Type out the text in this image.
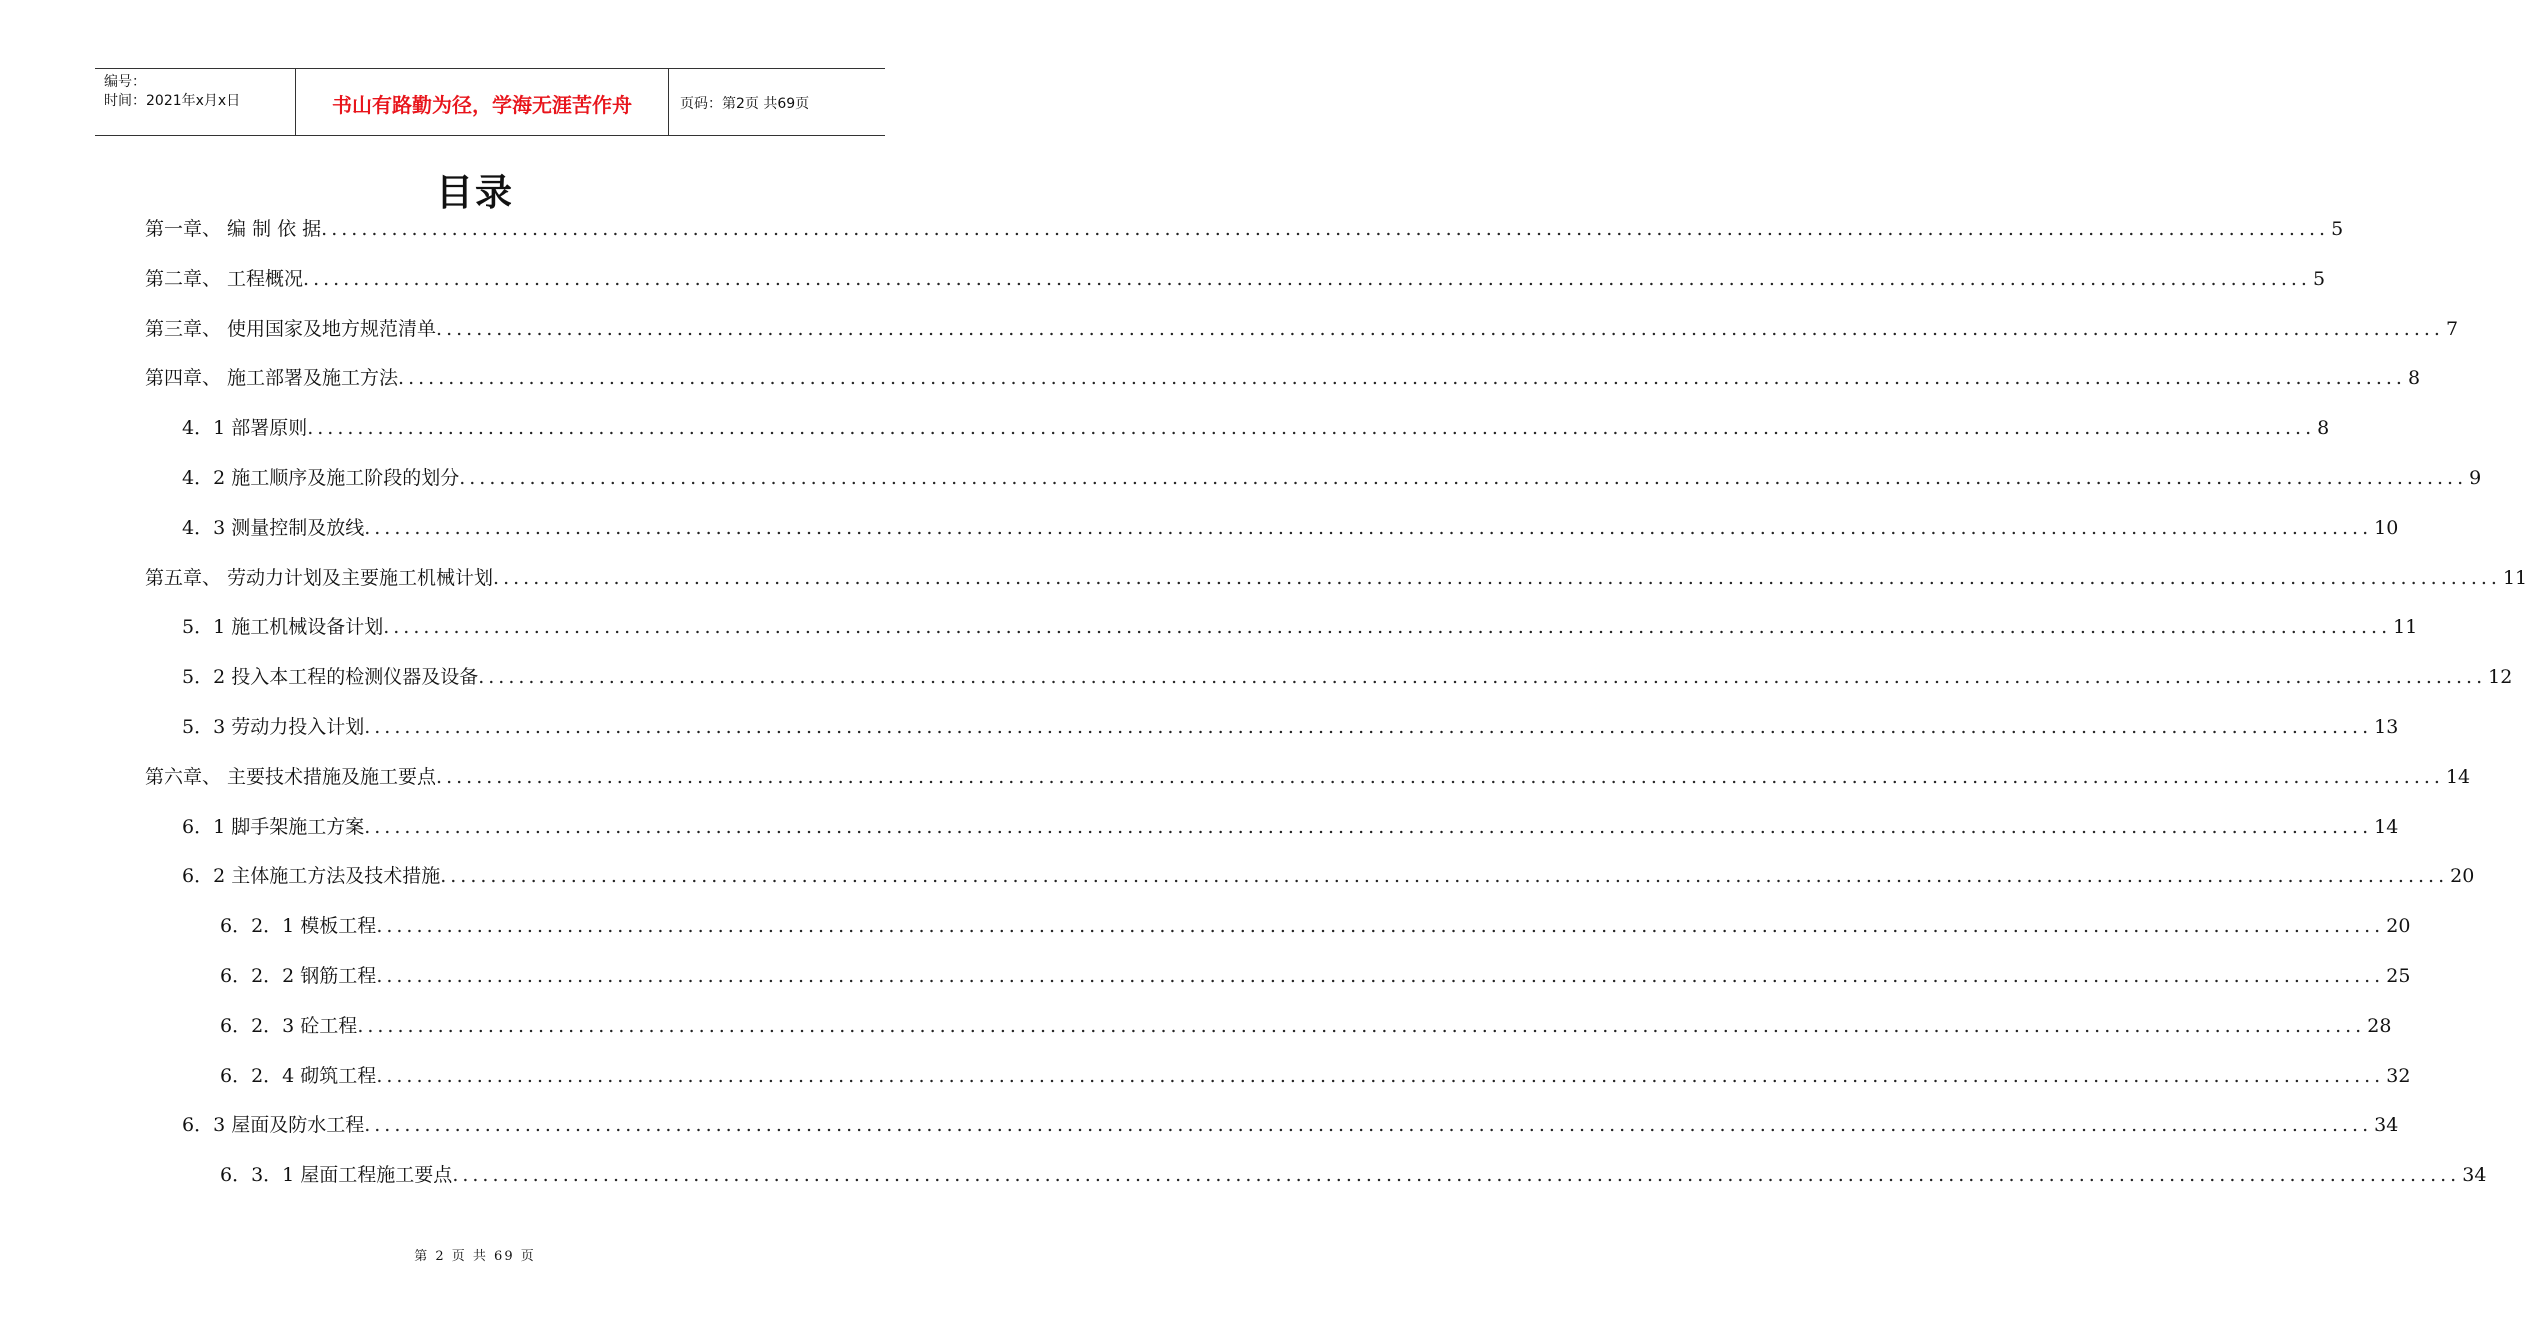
编号：
时间：2021年x月x日	书山有路勤为径，学海无涯苦作舟	页码：第2页 共69页
目录
第一章、 编 制 依 据 ........................................................................................................................................................................................................ 5
第二章、 工程概况 ........................................................................................................................................................................................................ 5
第三章、 使用国家及地方规范清单 ........................................................................................................................................................................................................ 7
第四章、 施工部署及施工方法 ........................................................................................................................................................................................................ 8
4．1 部署原则 ........................................................................................................................................................................................................ 8
4．2 施工顺序及施工阶段的划分 ........................................................................................................................................................................................................ 9
4．3 测量控制及放线 ........................................................................................................................................................................................................ 10
第五章、 劳动力计划及主要施工机械计划 ........................................................................................................................................................................................................ 11
5．1 施工机械设备计划 ........................................................................................................................................................................................................ 11
5．2 投入本工程的检测仪器及设备 ........................................................................................................................................................................................................ 12
5．3 劳动力投入计划 ........................................................................................................................................................................................................ 13
第六章、 主要技术措施及施工要点 ........................................................................................................................................................................................................ 14
6．1 脚手架施工方案 ........................................................................................................................................................................................................ 14
6．2 主体施工方法及技术措施 ........................................................................................................................................................................................................ 20
6．2．1 模板工程 ........................................................................................................................................................................................................ 20
6．2．2 钢筋工程 ........................................................................................................................................................................................................ 25
6．2．3 砼工程 ........................................................................................................................................................................................................ 28
6．2．4 砌筑工程 ........................................................................................................................................................................................................ 32
6．3 屋面及防水工程 ........................................................................................................................................................................................................ 34
6．3．1 屋面工程施工要点 ........................................................................................................................................................................................................ 34
第 2 页 共 69 页
